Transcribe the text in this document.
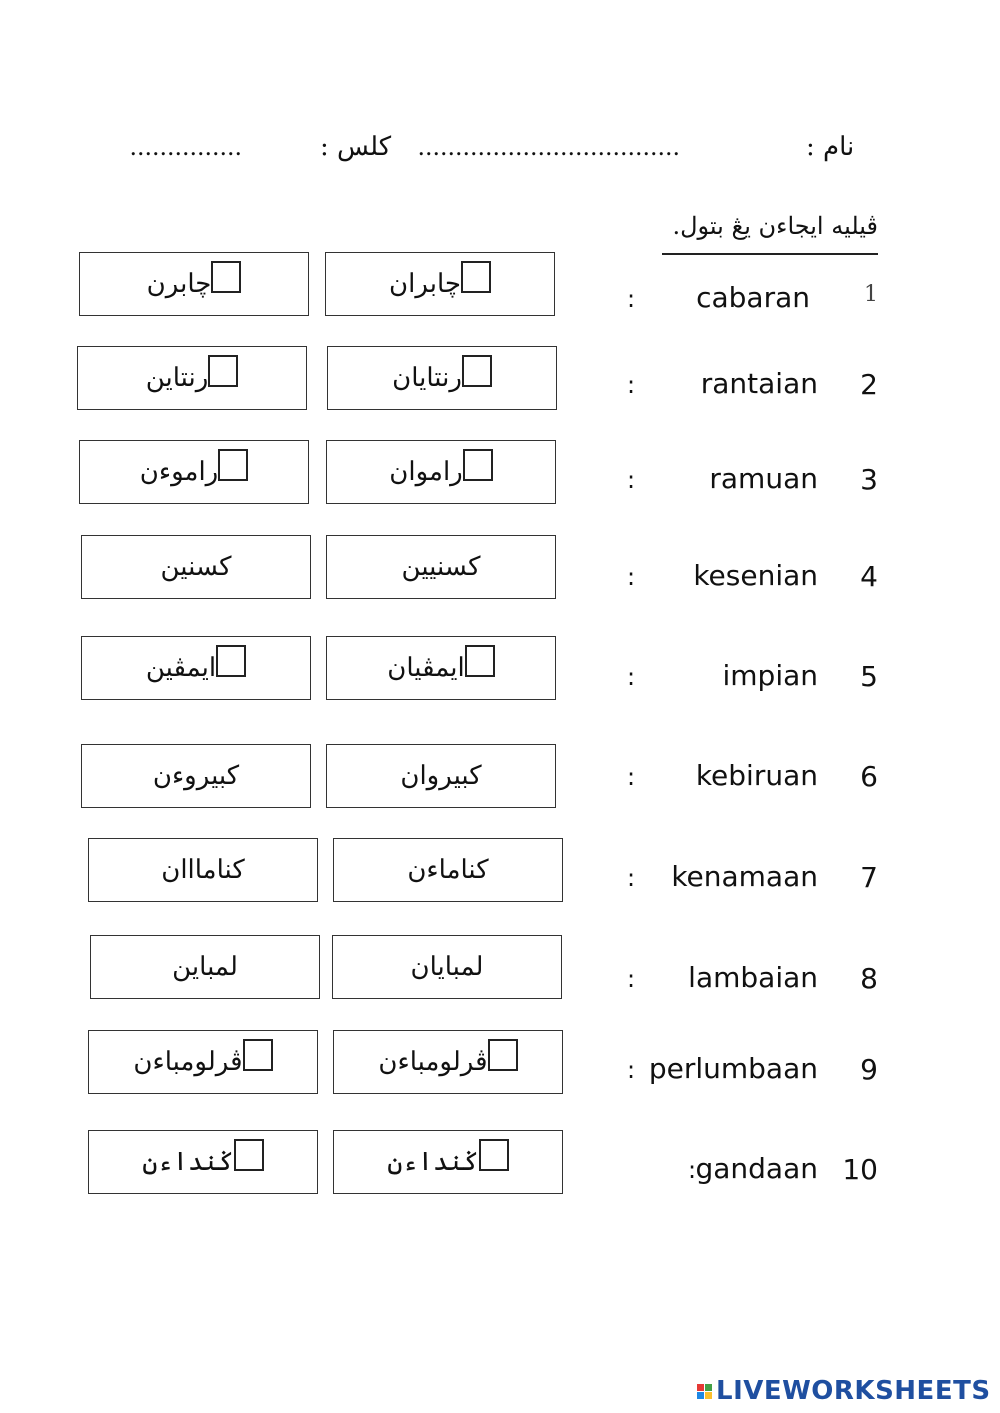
...............	كلس : ...................................	نام :
ڤيليه ايجاءن يڠ بتول.
1
cabaran
:
چابران
چابرن
2
rantaian
:
رنتايان
رنتاين
3
ramuan
:
راموان
راموءن
4
kesenian
:
كسنيين
كسنين
5
impian
:
ايمڤيان
ايمڤين
6
kebiruan
:
كبيروان
كبيروءن
7
kenamaan
:
كناماءن
كنامااان
8
lambaian
:
لمبايان
لمباين
9
perlumbaan
:
ڤرلومباءن
ڤرلومباءن
10
gandaan
:
ݢنداءن
ݢنداءن
LIVEWORKSHEETS
